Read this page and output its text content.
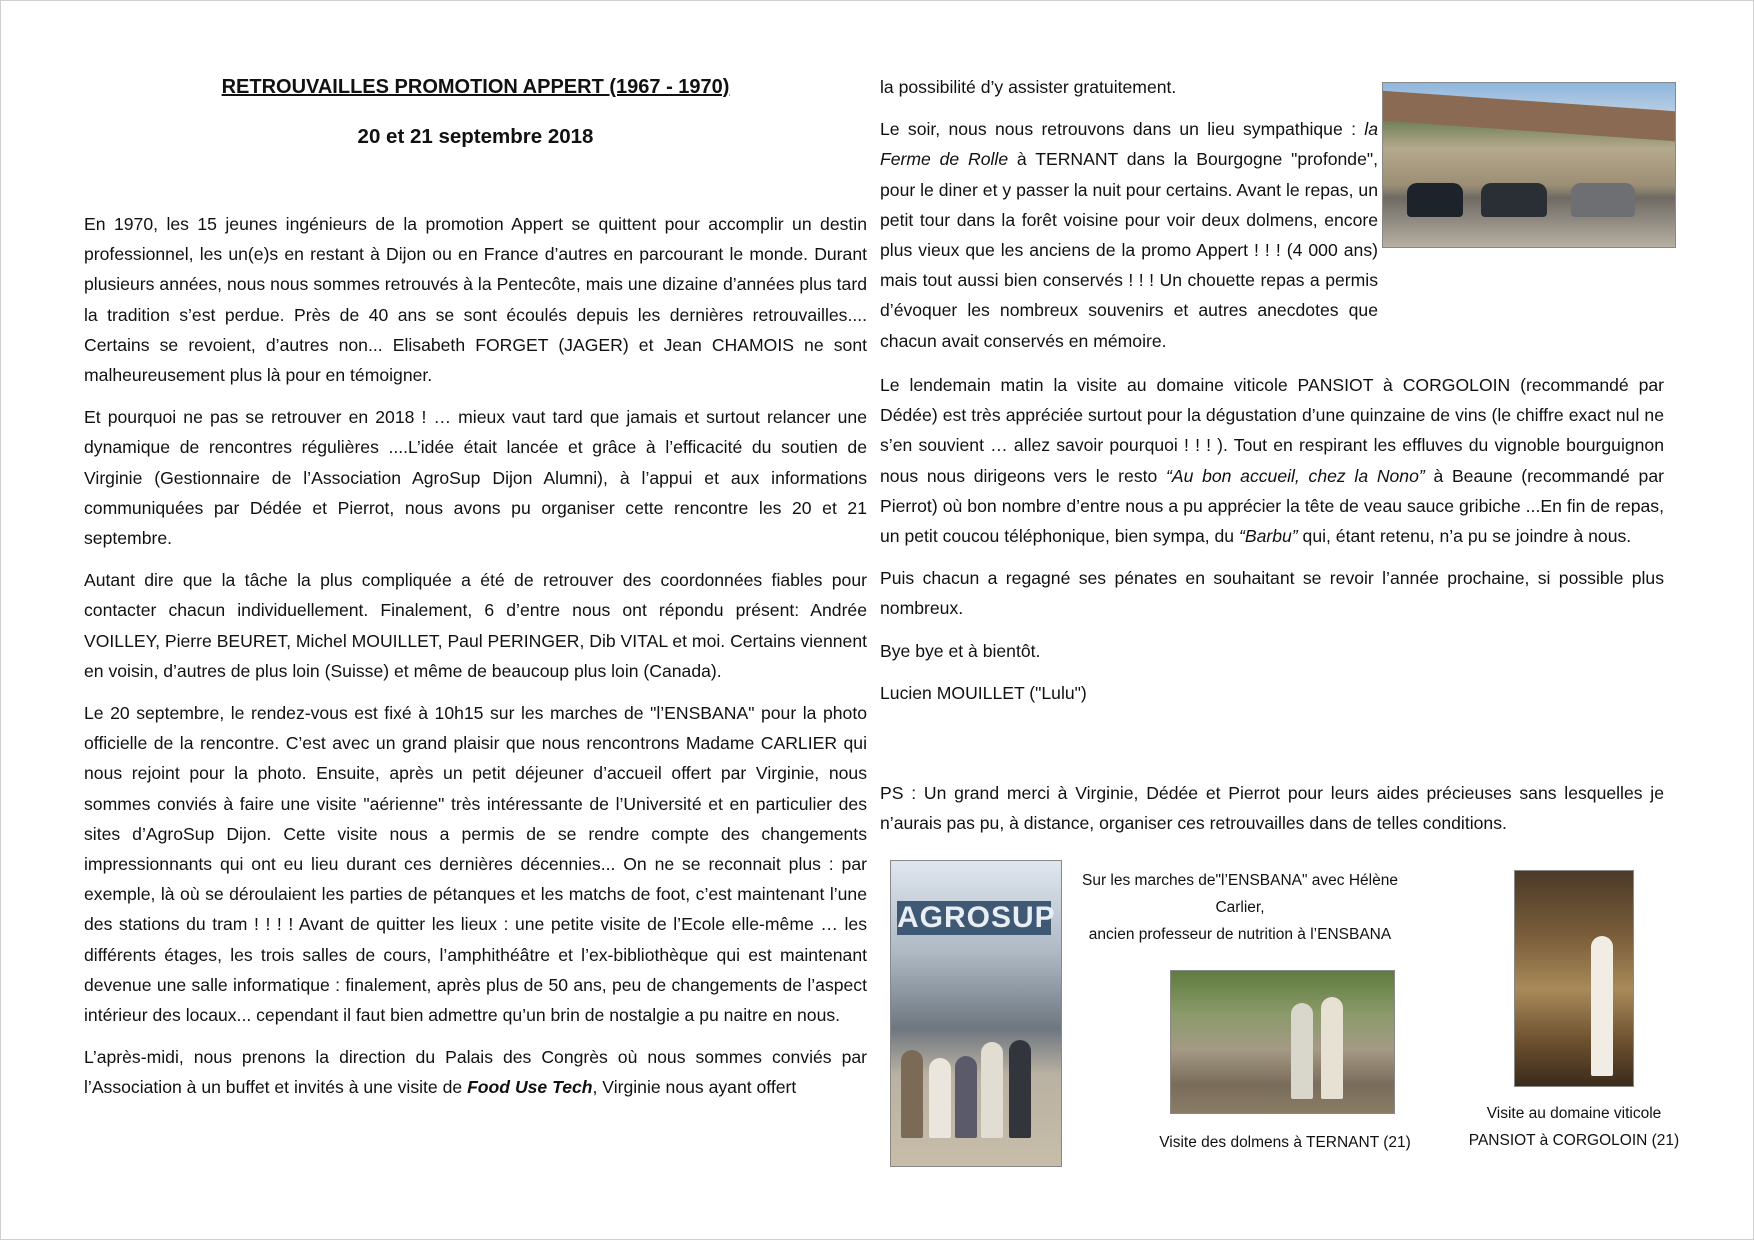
RETROUVAILLES PROMOTION APPERT (1967 - 1970)
20 et 21 septembre 2018

En 1970, les 15 jeunes ingénieurs de la promotion Appert se quittent pour accomplir un destin professionnel, les un(e)s en restant à Dijon ou en France d’autres en parcourant le monde. Durant plusieurs années, nous nous sommes retrouvés à la Pentecôte, mais une dizaine d’années plus tard la tradition s’est perdue. Près de 40 ans se sont écoulés depuis les dernières retrouvailles.... Certains se revoient, d’autres non... Elisabeth FORGET (JAGER) et Jean CHAMOIS ne sont malheureusement plus là pour en témoigner.

Et pourquoi ne pas se retrouver en 2018 ! … mieux vaut tard que jamais et surtout relancer une dynamique de rencontres régulières ....L’idée était lancée et grâce à l’efficacité du soutien de Virginie (Gestionnaire de l’Association AgroSup Dijon Alumni), à l’appui et aux informations communiquées par Dédée et Pierrot, nous avons pu organiser cette rencontre les 20 et 21 septembre.

Autant dire que la tâche la plus compliquée a été de retrouver des coordonnées fiables pour contacter chacun individuellement. Finalement, 6 d’entre nous ont répondu présent: Andrée VOILLEY, Pierre BEURET, Michel MOUILLET, Paul PERINGER, Dib VITAL et moi. Certains viennent en voisin, d’autres de plus loin (Suisse) et même de beaucoup plus loin (Canada).

Le 20 septembre, le rendez-vous est fixé à 10h15 sur les marches de "l’ENSBANA" pour la photo officielle de la rencontre. C’est avec un grand plaisir que nous rencontrons Madame CARLIER qui nous rejoint pour la photo. Ensuite, après un petit déjeuner d’accueil offert par Virginie, nous sommes conviés à faire une visite "aérienne" très intéressante de l’Université et en particulier des sites d’AgroSup Dijon. Cette visite nous a permis de se rendre compte des changements impressionnants qui ont eu lieu durant ces dernières décennies... On ne se reconnait plus : par exemple, là où se déroulaient les parties de pétanques et les matchs de foot, c’est maintenant l’une des stations du tram ! ! ! ! Avant de quitter les lieux : une petite visite de l’Ecole elle-même … les différents étages, les trois salles de cours, l’amphithéâtre et l’ex-bibliothèque qui est maintenant devenue une salle informatique : finalement, après plus de 50 ans, peu de changements de l’aspect intérieur des locaux... cependant il faut bien admettre qu’un brin de nostalgie a pu naitre en nous.

L’après-midi, nous prenons la direction du Palais des Congrès où nous sommes conviés par l’Association à un buffet et invités à une visite de Food Use Tech, Virginie nous ayant offert

la possibilité d’y assister gratuitement.

Le soir, nous nous retrouvons dans un lieu sympathique : la Ferme de Rolle à TERNANT dans la Bourgogne "profonde", pour le diner et y passer la nuit pour certains. Avant le repas, un petit tour dans la forêt voisine pour voir deux dolmens, encore plus vieux que les anciens de la promo Appert ! ! ! (4 000 ans) mais tout aussi bien conservés ! ! ! Un chouette repas a permis d’évoquer les nombreux souvenirs et autres anecdotes que chacun avait conservés en mémoire.

PS : Un grand merci à Virginie, Dédée et Pierrot pour leurs aides précieuses sans lesquelles je n’aurais pas pu, à distance, organiser ces retrouvailles dans de telles conditions.

AGROSUP
Sur les marches de"l’ENSBANA" avec Hélène Carlier,
ancien professeur de nutrition à l’ENSBANA
Visite des dolmens à TERNANT (21)
Visite au domaine viticole
PANSIOT à CORGOLOIN (21)

Le lendemain matin la visite au domaine viticole PANSIOT à CORGOLOIN (recommandé par Dédée) est très appréciée surtout pour la dégustation d’une quinzaine de vins (le chiffre exact nul ne s’en souvient … allez savoir pourquoi ! ! ! ). Tout en respirant les effluves du vignoble bourguignon nous nous dirigeons vers le resto “Au bon accueil, chez la Nono” à Beaune (recommandé par Pierrot) où bon nombre d’entre nous a pu apprécier la tête de veau sauce gribiche ...En fin de repas, un petit coucou téléphonique, bien sympa, du “Barbu” qui, étant retenu, n’a pu se joindre à nous.

Puis chacun a regagné ses pénates en souhaitant se revoir l’année prochaine, si possible plus nombreux.

Bye bye et à bientôt.

Lucien MOUILLET ("Lulu")
